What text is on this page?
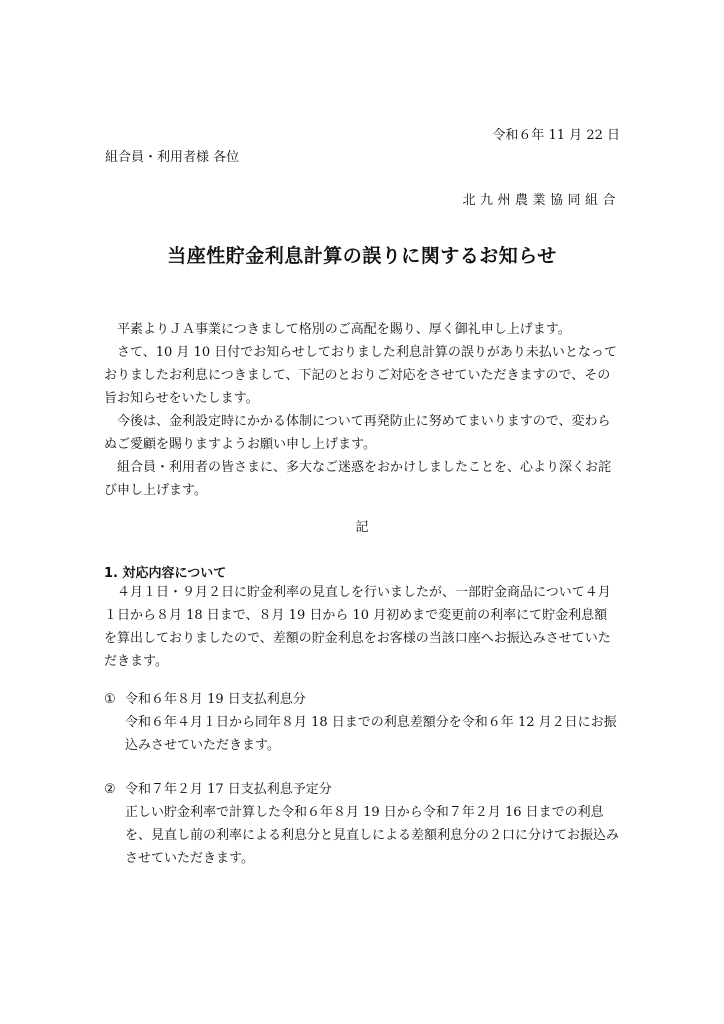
令和６年 11 月 22 日
組合員・利用者様 各位
北九州農業協同組合
当座性貯金利息計算の誤りに関するお知らせ

　平素よりＪＡ事業につきまして格別のご高配を賜り、厚く御礼申し上げます。

　さて、10 月 10 日付でお知らせしておりました利息計算の誤りがあり未払いとなっておりましたお利息につきまして、下記のとおりご対応をさせていただきますので、その旨お知らせをいたします。

　今後は、金利設定時にかかる体制について再発防止に努めてまいりますので、変わらぬご愛顧を賜りますようお願い申し上げます。

　組合員・利用者の皆さまに、多大なご迷惑をおかけしましたことを、心より深くお詫び申し上げます。

記
1. 対応内容について

　４月１日・９月２日に貯金利率の見直しを行いましたが、一部貯金商品について４月１日から８月 18 日まで、８月 19 日から 10 月初めまで変更前の利率にて貯金利息額を算出しておりましたので、差額の貯金利息をお客様の当該口座へお振込みさせていただきます。

① 令和６年８月 19 日支払利息分

令和６年４月１日から同年８月 18 日までの利息差額分を令和６年 12 月２日にお振込みさせていただきます。

② 令和７年２月 17 日支払利息予定分

正しい貯金利率で計算した令和６年８月 19 日から令和７年２月 16 日までの利息を、見直し前の利率による利息分と見直しによる差額利息分の２口に分けてお振込みさせていただきます。
